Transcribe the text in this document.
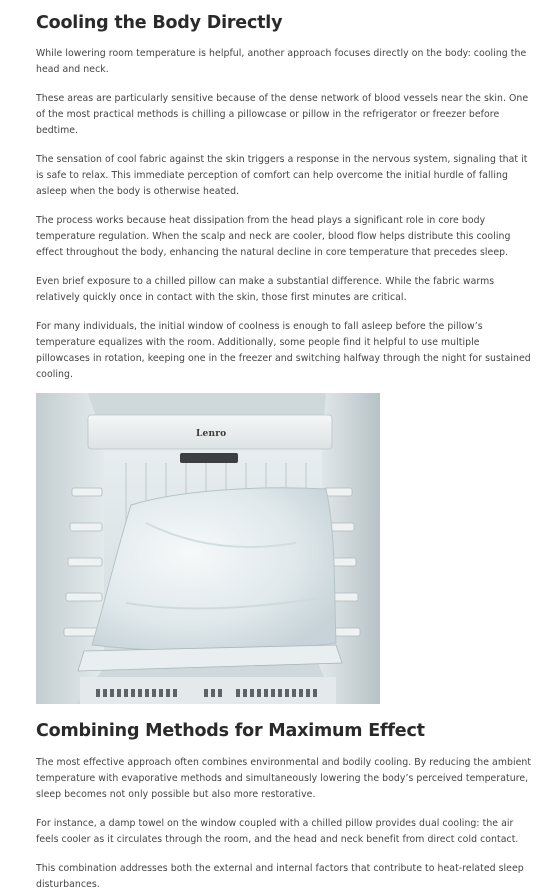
Cooling the Body Directly

While lowering room temperature is helpful, another approach focuses directly on the body: cooling the head and neck.

These areas are particularly sensitive because of the dense network of blood vessels near the skin. One of the most practical methods is chilling a pillowcase or pillow in the refrigerator or freezer before bedtime.

The sensation of cool fabric against the skin triggers a response in the nervous system, signaling that it is safe to relax. This immediate perception of comfort can help overcome the initial hurdle of falling asleep when the body is otherwise heated.

The process works because heat dissipation from the head plays a significant role in core body temperature regulation. When the scalp and neck are cooler, blood flow helps distribute this cooling effect throughout the body, enhancing the natural decline in core temperature that precedes sleep.

Even brief exposure to a chilled pillow can make a substantial difference. While the fabric warms relatively quickly once in contact with the skin, those first minutes are critical.

For many individuals, the initial window of coolness is enough to fall asleep before the pillow’s temperature equalizes with the room. Additionally, some people find it helpful to use multiple pillowcases in rotation, keeping one in the freezer and switching halfway through the night for sustained cooling.

Lenro
Combining Methods for Maximum Effect

The most effective approach often combines environmental and bodily cooling. By reducing the ambient temperature with evaporative methods and simultaneously lowering the body’s perceived temperature, sleep becomes not only possible but also more restorative.

For instance, a damp towel on the window coupled with a chilled pillow provides dual cooling: the air feels cooler as it circulates through the room, and the head and neck benefit from direct cold contact.

This combination addresses both the external and internal factors that contribute to heat-related sleep disturbances.
